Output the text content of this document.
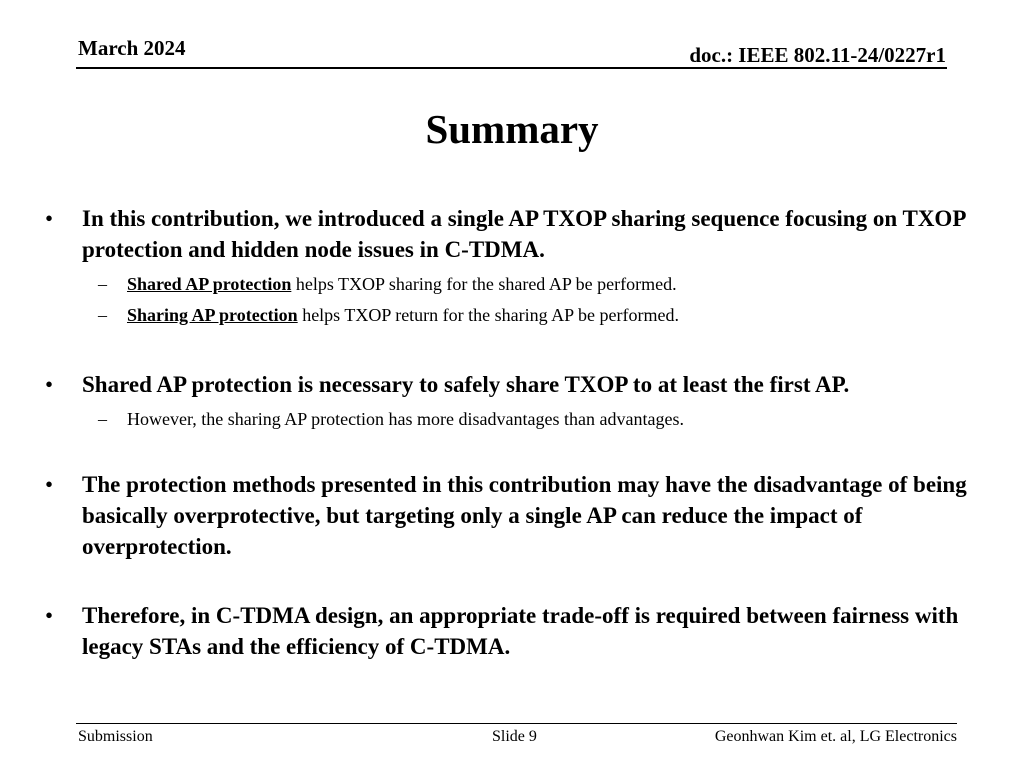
March 2024	doc.: IEEE 802.11-24/0227r1
Summary
• In this contribution, we introduced a single AP TXOP sharing sequence focusing on TXOP protection and hidden node issues in C-TDMA.
– Shared AP protection helps TXOP sharing for the shared AP be performed.
– Sharing AP protection helps TXOP return for the sharing AP be performed.
• Shared AP protection is necessary to safely share TXOP to at least the first AP.
– However, the sharing AP protection has more disadvantages than advantages.
• The protection methods presented in this contribution may have the disadvantage of being basically overprotective, but targeting only a single AP can reduce the impact of overprotection.
• Therefore, in C-TDMA design, an appropriate trade-off is required between fairness with legacy STAs and the efficiency of C-TDMA.
Submission	Slide 9	Geonhwan Kim et. al, LG Electronics
